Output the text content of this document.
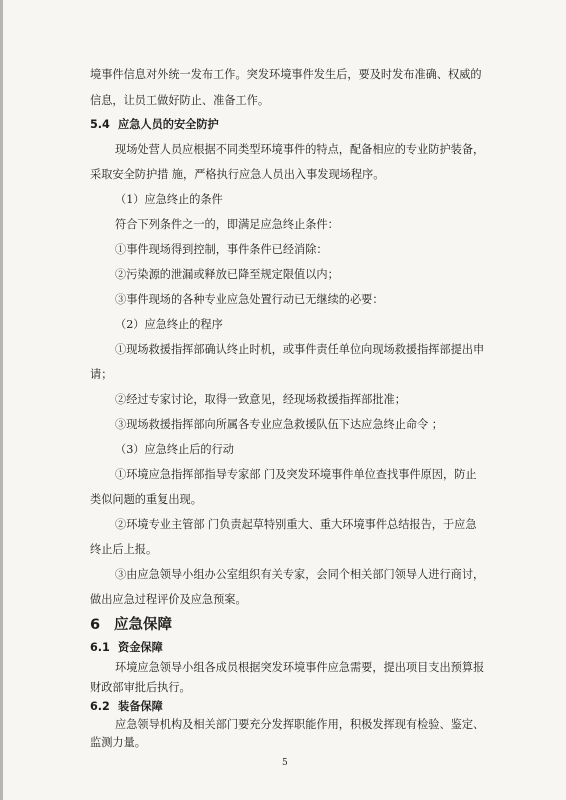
境事件信息对外统一发布工作。突发环境事件发生后，要及时发布准确、权威的
信息，让员工做好防止、准备工作。
5.4 应急人员的安全防护
现场处营人员应根据不同类型环境事件的特点，配备相应的专业防护装备，
采取安全防护措 施，严格执行应急人员出入事发现场程序。
（1）应急终止的条件
符合下列条件之一的，即满足应急终止条件：
①事件现场得到控制，事件条件已经消除：
②污染源的泄漏或释放已降至规定限值以内；
③事件现场的各种专业应急处置行动已无继续的必要：
（2）应急终止的程序
①现场救援指挥部确认终止时机，或事件责任单位向现场救援指挥部提出申
请；
②经过专家讨论，取得一致意见，经现场救援指挥部批准；
③现场救援指挥部向所属各专业应急救援队伍下达应急终止命令 ；
（3）应急终止后的行动
①环境应急指挥部指导专家部 门及突发环境事件单位查找事件原因，防止
类似问题的重复出现。
②环境专业主管部 门负责起草特别重大、重大环境事件总结报告，于应急
终止后上报。
③由应急领导小组办公室组织有关专家，会同个相关部门领导人进行商讨，
做出应急过程评价及应急预案。
6 应急保障
6.1 资金保障
环境应急领导小组各成员根据突发环境事件应急需要，提出项目支出预算报
财政部审批后执行。
6.2 装备保障
应急领导机构及相关部门要充分发挥职能作用，积极发挥现有检验、鉴定、
监测力量。
5
